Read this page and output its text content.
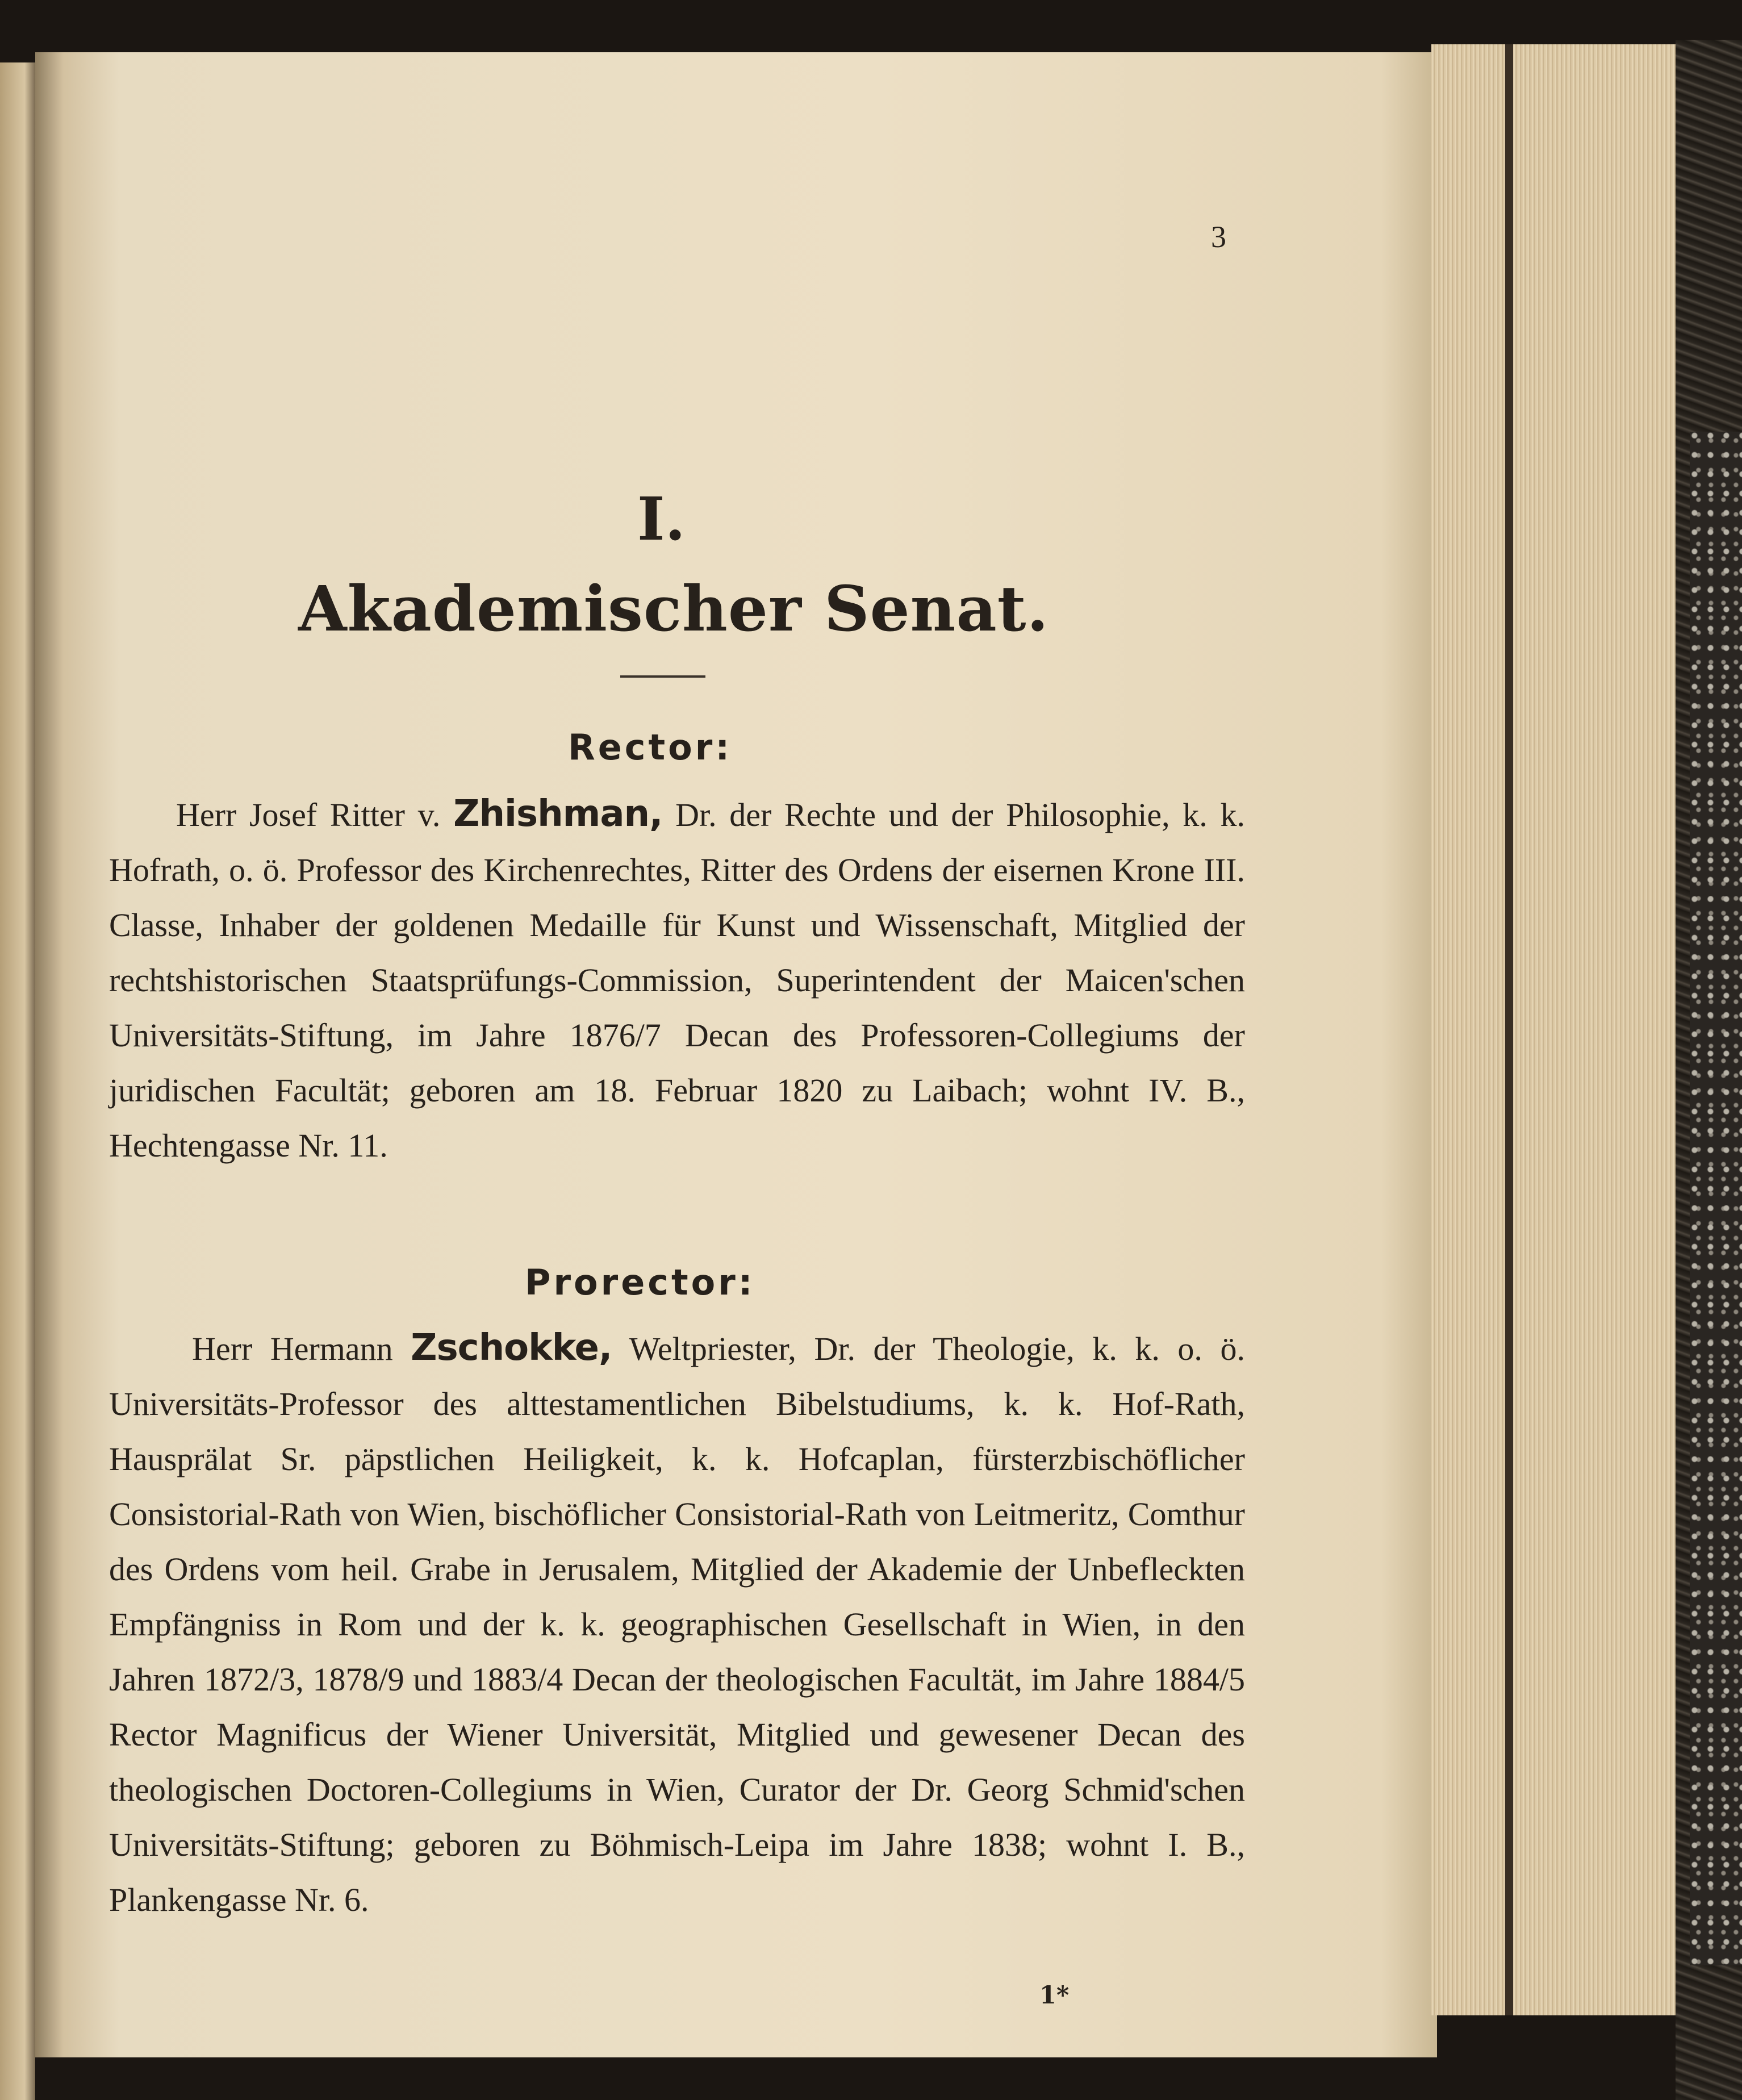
3
I.
Akademischer Senat.
Rector:
Herr Josef Ritter v. Zhishman, Dr. der Rechte und der Philosophie, k. k. Hofrath, o. ö. Professor des Kirchenrechtes, Ritter des Ordens der eisernen Krone III. Classe, Inhaber der goldenen Medaille für Kunst und Wissenschaft, Mitglied der rechtshistorischen Staatsprüfungs-Commission, Superintendent der Maicen'schen Universitäts-Stiftung, im Jahre 1876/7 Decan des Professoren-Collegiums der juridischen Facultät; geboren am 18. Februar 1820 zu Laibach; wohnt IV. B., Hechtengasse Nr. 11.
Prorector:
Herr Hermann Zschokke, Weltpriester, Dr. der Theologie, k. k. o. ö. Universitäts-Professor des alttestamentlichen Bibelstudiums, k. k. Hof-Rath, Hausprälat Sr. päpstlichen Heiligkeit, k. k. Hofcaplan, fürsterzbischöflicher Consistorial-Rath von Wien, bischöflicher Consistorial-Rath von Leitmeritz, Comthur des Ordens vom heil. Grabe in Jerusalem, Mitglied der Akademie der Unbefleckten Empfängniss in Rom und der k. k. geographischen Gesellschaft in Wien, in den Jahren 1872/3, 1878/9 und 1883/4 Decan der theologischen Facultät, im Jahre 1884/5 Rector Magnificus der Wiener Universität, Mitglied und gewesener Decan des theologischen Doctoren-Collegiums in Wien, Curator der Dr. Georg Schmid'schen Universitäts-Stiftung; geboren zu Böhmisch-Leipa im Jahre 1838; wohnt I. B., Plankengasse Nr. 6.
1*
